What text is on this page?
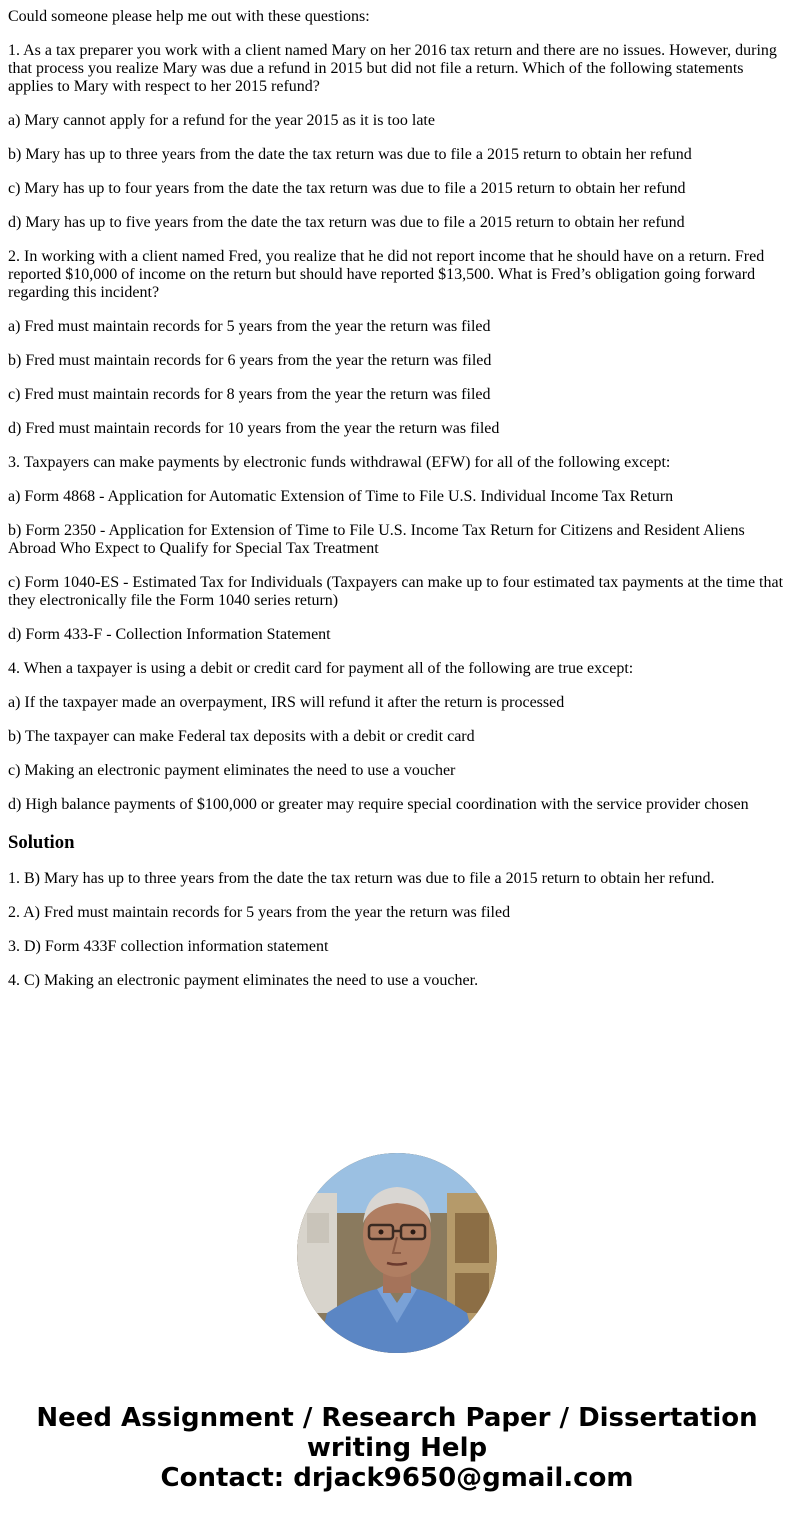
Could someone please help me out with these questions:

1. As a tax preparer you work with a client named Mary on her 2016 tax return and there are no issues. However, during that process you realize Mary was due a refund in 2015 but did not file a return. Which of the following statements applies to Mary with respect to her 2015 refund?

a) Mary cannot apply for a refund for the year 2015 as it is too late

b) Mary has up to three years from the date the tax return was due to file a 2015 return to obtain her refund

c) Mary has up to four years from the date the tax return was due to file a 2015 return to obtain her refund

d) Mary has up to five years from the date the tax return was due to file a 2015 return to obtain her refund

2. In working with a client named Fred, you realize that he did not report income that he should have on a return. Fred reported $10,000 of income on the return but should have reported $13,500. What is Fred’s obligation going forward regarding this incident?

a) Fred must maintain records for 5 years from the year the return was filed

b) Fred must maintain records for 6 years from the year the return was filed

c) Fred must maintain records for 8 years from the year the return was filed

d) Fred must maintain records for 10 years from the year the return was filed

3. Taxpayers can make payments by electronic funds withdrawal (EFW) for all of the following except:

a) Form 4868 - Application for Automatic Extension of Time to File U.S. Individual Income Tax Return

b) Form 2350 - Application for Extension of Time to File U.S. Income Tax Return for Citizens and Resident Aliens Abroad Who Expect to Qualify for Special Tax Treatment

c) Form 1040-ES - Estimated Tax for Individuals (Taxpayers can make up to four estimated tax payments at the time that they electronically file the Form 1040 series return)

d) Form 433-F - Collection Information Statement

4. When a taxpayer is using a debit or credit card for payment all of the following are true except:

a) If the taxpayer made an overpayment, IRS will refund it after the return is processed

b) The taxpayer can make Federal tax deposits with a debit or credit card

c) Making an electronic payment eliminates the need to use a voucher

d) High balance payments of $100,000 or greater may require special coordination with the service provider chosen

Solution

1. B) Mary has up to three years from the date the tax return was due to file a 2015 return to obtain her refund.

2. A) Fred must maintain records for 5 years from the year the return was filed

3. D) Form 433F collection information statement

4. C) Making an electronic payment eliminates the need to use a voucher.

Need Assignment / Research Paper / Dissertation
writing Help
Contact: drjack9650@gmail.com
